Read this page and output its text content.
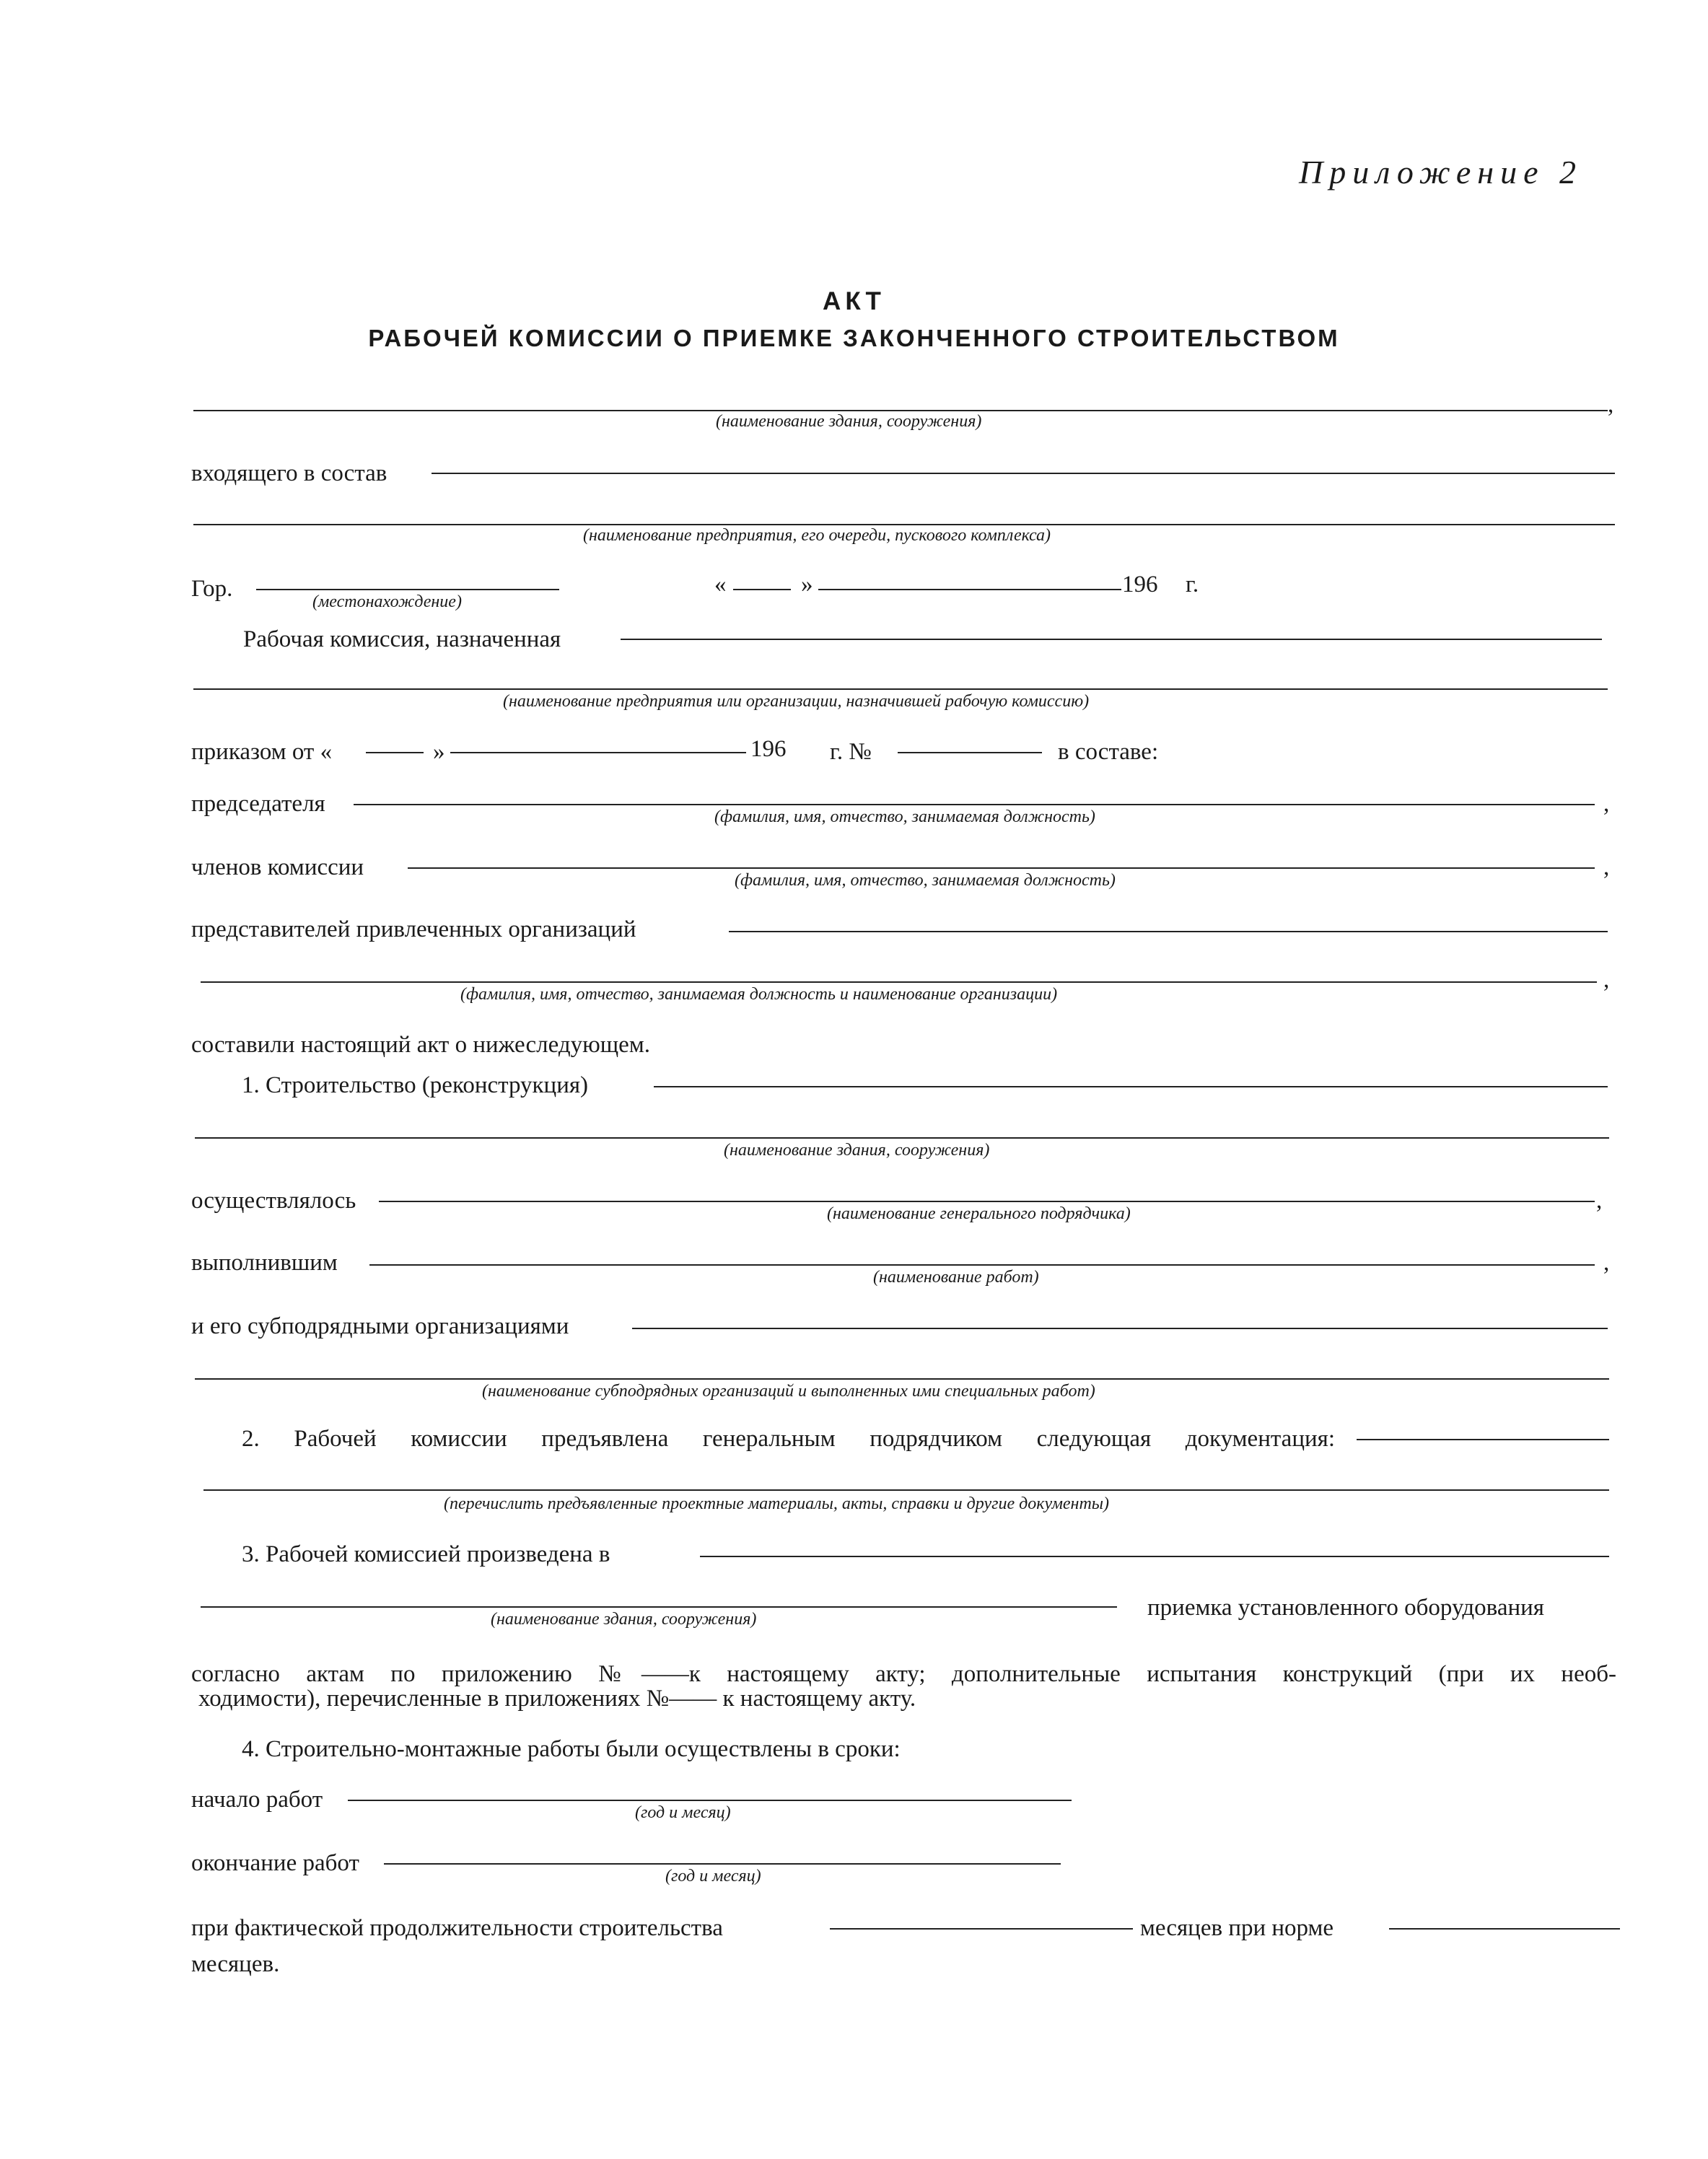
Приложение 2
АКТ
РАБОЧЕЙ КОМИССИИ О ПРИЕМКЕ ЗАКОНЧЕННОГО СТРОИТЕЛЬСТВОМ
,
(наименование здания, сооружения)
входящего в состав
(наименование предприятия, его очереди, пускового комплекса)
Гор.	(местонахождение)
«	»	196 г.
Рабочая комиссия, назначенная
(наименование предприятия или организации, назначившей рабочую комиссию)
приказом от «	»	196 г. №	в составе:
председателя	,
(фамилия, имя, отчество, занимаемая должность)
членов комиссии	,
(фамилия, имя, отчество, занимаемая должность)
представителей привлеченных организаций
,
(фамилия, имя, отчество, занимаемая должность и наименование организации)
составили настоящий акт о нижеследующем.
1. Строительство (реконструкция)
(наименование здания, сооружения)
осуществлялось	,
(наименование генерального подрядчика)
выполнившим	,
(наименование работ)
и его субподрядными организациями
(наименование субподрядных организаций и выполненных ими специальных работ)
2. Рабочей комиссии предъявлена генеральным подрядчиком следующая документация:
(перечислить предъявленные проектные материалы, акты, справки и другие документы)
3. Рабочей комиссией произведена в
(наименование здания, сооружения)	приемка установленного оборудования
согласно актам по приложению №——к настоящему акту; дополнительные испытания конструкций (при их необ-
ходимости), перечисленные в приложениях №—— к настоящему акту.
4. Строительно-монтажные работы были осуществлены в сроки:
начало работ	(год и месяц)
окончание работ	(год и месяц)
при фактической продолжительности строительства	месяцев при норме
месяцев.
